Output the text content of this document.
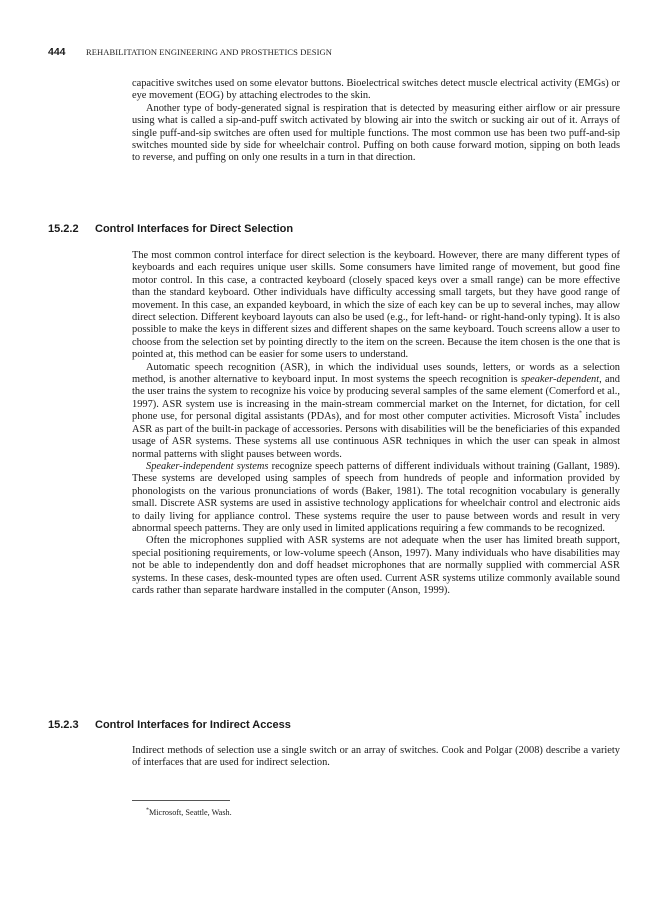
444 REHABILITATION ENGINEERING AND PROSTHETICS DESIGN

capacitive switches used on some elevator buttons. Bioelectrical switches detect muscle electrical activity (EMGs) or eye movement (EOG) by attaching electrodes to the skin.

Another type of body-generated signal is respiration that is detected by measuring either airflow or air pressure using what is called a sip-and-puff switch activated by blowing air into the switch or sucking air out of it. Arrays of single puff-and-sip switches are often used for multiple functions. The most common use has been two puff-and-sip switches mounted side by side for wheelchair control. Puffing on both cause forward motion, sipping on both leads to reverse, and puffing on only one results in a turn in that direction.

15.2.2 Control Interfaces for Direct Selection

The most common control interface for direct selection is the keyboard. However, there are many different types of keyboards and each requires unique user skills. Some consumers have limited range of movement, but good fine motor control. In this case, a contracted keyboard (closely spaced keys over a small range) can be more effective than the standard keyboard. Other individuals have difficulty accessing small targets, but they have good range of movement. In this case, an expanded keyboard, in which the size of each key can be up to several inches, may allow direct selection. Different keyboard layouts can also be used (e.g., for left-hand- or right-hand-only typing). It is also possible to make the keys in different sizes and different shapes on the same keyboard. Touch screens allow a user to choose from the selection set by pointing directly to the item on the screen. Because the item chosen is the one that is pointed at, this method can be easier for some users to understand.

Automatic speech recognition (ASR), in which the individual uses sounds, letters, or words as a selection method, is another alternative to keyboard input. In most systems the speech recognition is speaker-dependent, and the user trains the system to recognize his voice by producing several samples of the same element (Comerford et al., 1997). ASR system use is increasing in the main-stream commercial market on the Internet, for dictation, for cell phone use, for personal digital assistants (PDAs), and for most other computer activities. Microsoft Vista* includes ASR as part of the built-in package of accessories. Persons with disabilities will be the beneficiaries of this expanded usage of ASR systems. These systems all use continuous ASR techniques in which the user can speak in almost normal patterns with slight pauses between words.

Speaker-independent systems recognize speech patterns of different individuals without training (Gallant, 1989). These systems are developed using samples of speech from hundreds of people and information provided by phonologists on the various pronunciations of words (Baker, 1981). The total recognition vocabulary is generally small. Discrete ASR systems are used in assistive technology applications for wheelchair control and electronic aids to daily living for appliance control. These systems require the user to pause between words and result in very abnormal speech patterns. They are only used in limited applications requiring a few commands to be recognized.

Often the microphones supplied with ASR systems are not adequate when the user has limited breath support, special positioning requirements, or low-volume speech (Anson, 1997). Many individuals who have disabilities may not be able to independently don and doff headset microphones that are normally supplied with commercial ASR systems. In these cases, desk-mounted types are often used. Current ASR systems utilize commonly available sound cards rather than separate hardware installed in the computer (Anson, 1999).

15.2.3 Control Interfaces for Indirect Access

Indirect methods of selection use a single switch or an array of switches. Cook and Polgar (2008) describe a variety of interfaces that are used for indirect selection.

*Microsoft, Seattle, Wash.
